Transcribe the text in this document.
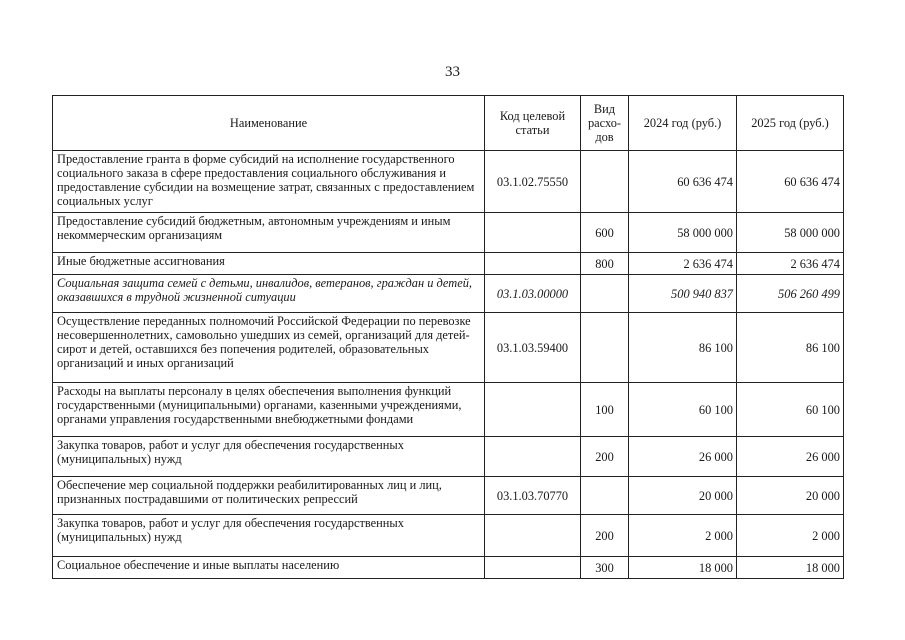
33
Наименование	Код целевой статьи	Вид расхо-дов	2024 год (руб.)	2025 год (руб.)
Предоставление гранта в форме субсидий на исполнение государственного социального заказа в сфере предоставления социального обслуживания и предоставление субсидии на возмещение затрат, связанных с предоставлением социальных услуг	03.1.02.75550		60 636 474	60 636 474
Предоставление субсидий бюджетным, автономным учреждениям и иным некоммерческим организациям		600	58 000 000	58 000 000
Иные бюджетные ассигнования		800	2 636 474	2 636 474
Социальная защита семей с детьми, инвалидов, ветеранов, граждан и детей, оказавшихся в трудной жизненной ситуации	03.1.03.00000		500 940 837	506 260 499
Осуществление переданных полномочий Российской Федерации по перевозке несовершеннолетних, самовольно ушедших из семей, организаций для детей-сирот и детей, оставшихся без попечения родителей, образовательных организаций и иных организаций	03.1.03.59400		86 100	86 100
Расходы на выплаты персоналу в целях обеспечения выполнения функций государственными (муниципальными) органами, казенными учреждениями, органами управления государственными внебюджетными фондами		100	60 100	60 100
Закупка товаров, работ и услуг для обеспечения государственных (муниципальных) нужд		200	26 000	26 000
Обеспечение мер социальной поддержки реабилитированных лиц и лиц, признанных пострадавшими от политических репрессий	03.1.03.70770		20 000	20 000
Закупка товаров, работ и услуг для обеспечения государственных (муниципальных) нужд		200	2 000	2 000
Социальное обеспечение и иные выплаты населению		300	18 000	18 000
